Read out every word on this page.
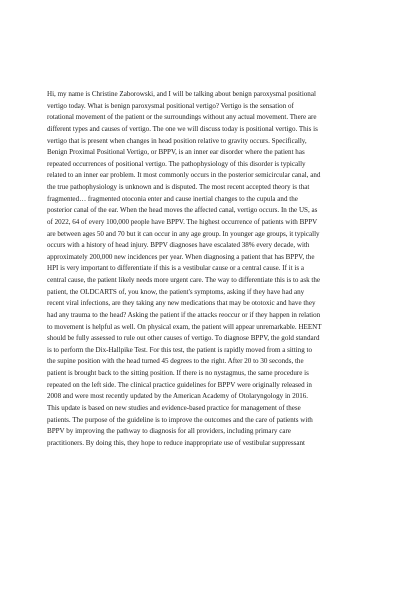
Hi, my name is Christine Zaborowski, and I will be talking about benign paroxysmal positional
vertigo today. What is benign paroxysmal positional vertigo? Vertigo is the sensation of
rotational movement of the patient or the surroundings without any actual movement. There are
different types and causes of vertigo. The one we will discuss today is positional vertigo. This is
vertigo that is present when changes in head position relative to gravity occurs. Specifically,
Benign Proximal Positional Vertigo, or BPPV, is an inner ear disorder where the patient has
repeated occurrences of positional vertigo. The pathophysiology of this disorder is typically
related to an inner ear problem. It most commonly occurs in the posterior semicircular canal, and
the true pathophysiology is unknown and is disputed. The most recent accepted theory is that
fragmented… fragmented otoconia enter and cause inertial changes to the cupula and the
posterior canal of the ear. When the head moves the affected canal, vertigo occurs. In the US, as
of 2022, 64 of every 100,000 people have BPPV. The highest occurrence of patients with BPPV
are between ages 50 and 70 but it can occur in any age group. In younger age groups, it typically
occurs with a history of head injury. BPPV diagnoses have escalated 38% every decade, with
approximately 200,000 new incidences per year. When diagnosing a patient that has BPPV, the
HPI is very important to differentiate if this is a vestibular cause or a central cause. If it is a
central cause, the patient likely needs more urgent care. The way to differentiate this is to ask the
patient, the OLDCARTS of, you know, the patient's symptoms, asking if they have had any
recent viral infections, are they taking any new medications that may be ototoxic and have they
had any trauma to the head? Asking the patient if the attacks reoccur or if they happen in relation
to movement is helpful as well. On physical exam, the patient will appear unremarkable. HEENT
should be fully assessed to rule out other causes of vertigo. To diagnose BPPV, the gold standard
is to perform the Dix-Hallpike Test. For this test, the patient is rapidly moved from a sitting to
the supine position with the head turned 45 degrees to the right. After 20 to 30 seconds, the
patient is brought back to the sitting position. If there is no nystagmus, the same procedure is
repeated on the left side. The clinical practice guidelines for BPPV were originally released in
2008 and were most recently updated by the American Academy of Otolaryngology in 2016.
This update is based on new studies and evidence-based practice for management of these
patients. The purpose of the guideline is to improve the outcomes and the care of patients with
BPPV by improving the pathway to diagnosis for all providers, including primary care
practitioners. By doing this, they hope to reduce inappropriate use of vestibular suppressant
